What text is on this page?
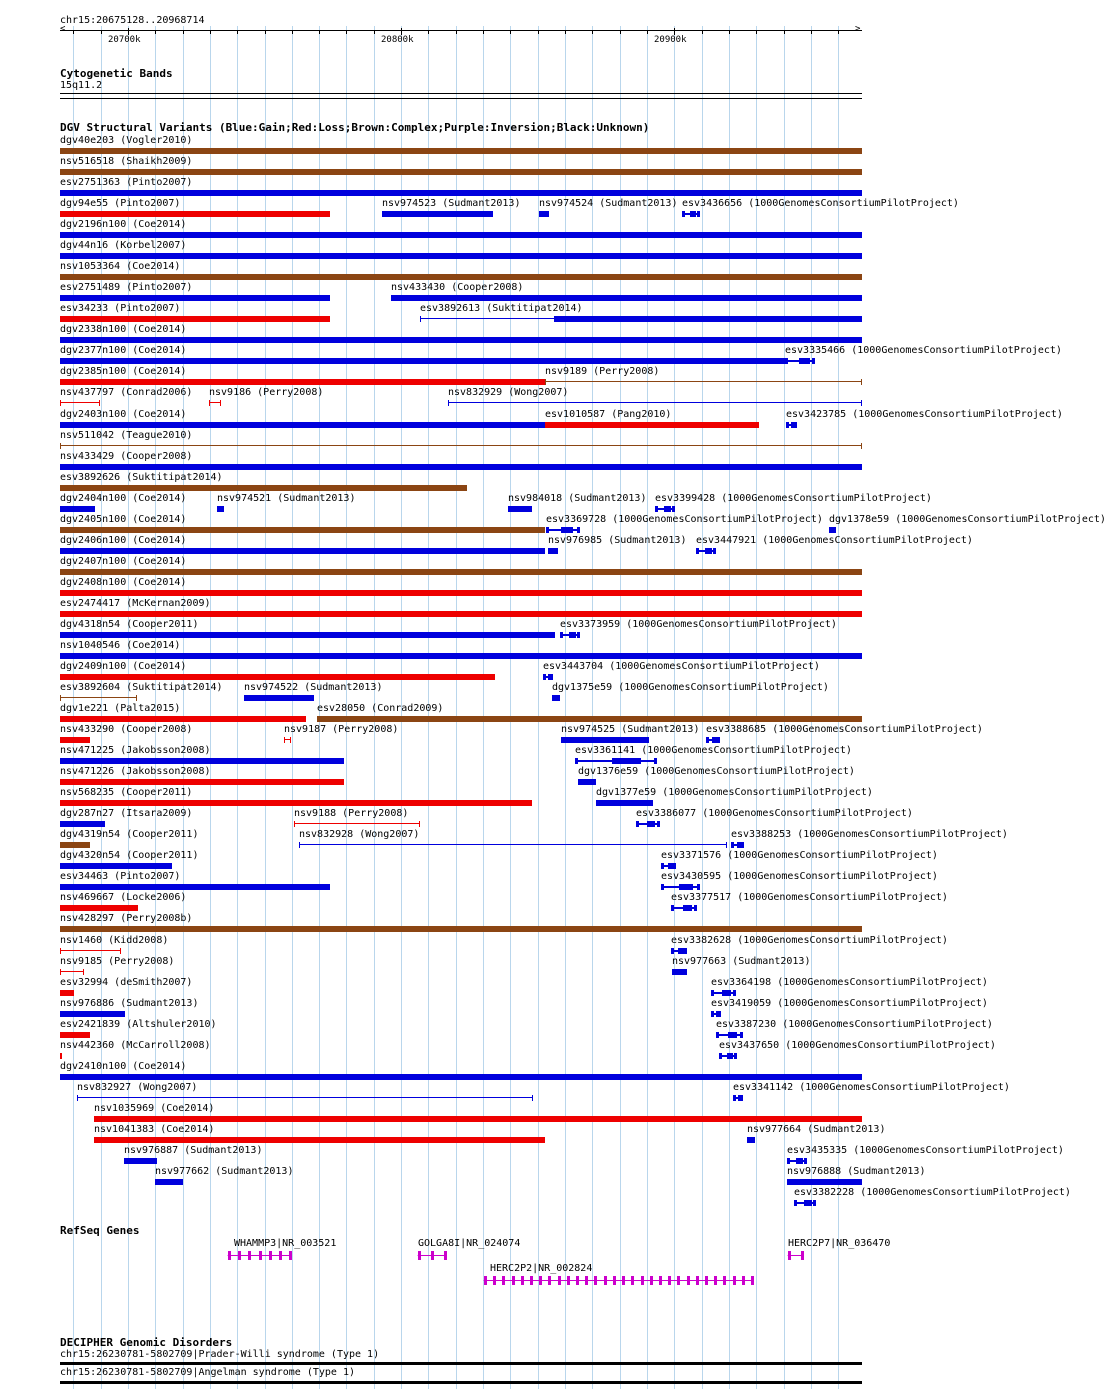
chr15:20675128..20968714
<	>
20700k	20800k	20900k
Cytogenetic Bands
15q11.2
DGV Structural Variants (Blue:Gain;Red:Loss;Brown:Complex;Purple:Inversion;Black:Unknown)
dgv40e203 (Vogler2010)
nsv516518 (Shaikh2009)
esv2751363 (Pinto2007)
dgv94e55 (Pinto2007)	nsv974523 (Sudmant2013) nsv974524 (Sudmant2013) esv3436656 (1000GenomesConsortiumPilotProject)
dgv2196n100 (Coe2014)
dgv44n16 (Korbel2007)
nsv1053364 (Coe2014)
esv2751489 (Pinto2007)	nsv433430 (Cooper2008)
esv34233 (Pinto2007)	esv3892613 (Suktitipat2014)
dgv2338n100 (Coe2014)
dgv2377n100 (Coe2014)	esv3335466 (1000GenomesConsortiumPilotProject)
dgv2385n100 (Coe2014)	nsv9189 (Perry2008)
nsv437797 (Conrad2006) nsv9186 (Perry2008)	nsv832929 (Wong2007)
dgv2403n100 (Coe2014)	esv1010587 (Pang2010)	esv3423785 (1000GenomesConsortiumPilotProject)
nsv511042 (Teague2010)
nsv433429 (Cooper2008)
esv3892626 (Suktitipat2014)
dgv2404n100 (Coe2014)	nsv974521 (Sudmant2013)	nsv984018 (Sudmant2013) esv3399428 (1000GenomesConsortiumPilotProject)
dgv2405n100 (Coe2014)	esv3369728 (1000GenomesConsortiumPilotProject) dgv1378e59 (1000GenomesConsortiumPilotProject)
dgv2406n100 (Coe2014)	nsv976985 (Sudmant2013) esv3447921 (1000GenomesConsortiumPilotProject)
dgv2407n100 (Coe2014)
dgv2408n100 (Coe2014)
esv2474417 (McKernan2009)
dgv4318n54 (Cooper2011)	esv3373959 (1000GenomesConsortiumPilotProject)
nsv1040546 (Coe2014)
dgv2409n100 (Coe2014)	esv3443704 (1000GenomesConsortiumPilotProject)
esv3892604 (Suktitipat2014) nsv974522 (Sudmant2013)	dgv1375e59 (1000GenomesConsortiumPilotProject)
dgv1e221 (Palta2015)	esv28050 (Conrad2009)
nsv433290 (Cooper2008)	nsv9187 (Perry2008)	nsv974525 (Sudmant2013) esv3388685 (1000GenomesConsortiumPilotProject)
nsv471225 (Jakobsson2008)	esv3361141 (1000GenomesConsortiumPilotProject)
nsv471226 (Jakobsson2008)	dgv1376e59 (1000GenomesConsortiumPilotProject)
nsv568235 (Cooper2011)	dgv1377e59 (1000GenomesConsortiumPilotProject)
dgv287n27 (Itsara2009)	nsv9188 (Perry2008)	esv3386077 (1000GenomesConsortiumPilotProject)
dgv4319n54 (Cooper2011)	nsv832928 (Wong2007)	esv3388253 (1000GenomesConsortiumPilotProject)
dgv4320n54 (Cooper2011)	esv3371576 (1000GenomesConsortiumPilotProject)
esv34463 (Pinto2007)	esv3430595 (1000GenomesConsortiumPilotProject)
nsv469667 (Locke2006)	esv3377517 (1000GenomesConsortiumPilotProject)
nsv428297 (Perry2008b)
nsv1460 (Kidd2008)	esv3382628 (1000GenomesConsortiumPilotProject)
nsv9185 (Perry2008)	nsv977663 (Sudmant2013)
esv32994 (deSmith2007)	esv3364198 (1000GenomesConsortiumPilotProject)
nsv976886 (Sudmant2013)	esv3419059 (1000GenomesConsortiumPilotProject)
esv2421839 (Altshuler2010)	esv3387230 (1000GenomesConsortiumPilotProject)
nsv442360 (McCarroll2008)	esv3437650 (1000GenomesConsortiumPilotProject)
dgv2410n100 (Coe2014)
nsv832927 (Wong2007)	esv3341142 (1000GenomesConsortiumPilotProject)
nsv1035969 (Coe2014)
nsv1041383 (Coe2014)	nsv977664 (Sudmant2013)
nsv976887 (Sudmant2013)	esv3435335 (1000GenomesConsortiumPilotProject)
nsv977662 (Sudmant2013)	nsv976888 (Sudmant2013)
esv3382228 (1000GenomesConsortiumPilotProject)
RefSeq Genes
WHAMMP3|NR_003521
‹
GOLGA8I|NR_024074
‹
HERC2P2|NR_002824
‹
HERC2P7|NR_036470
‹
DECIPHER Genomic Disorders
chr15:26230781-5802709|Prader-Willi syndrome (Type 1)
chr15:26230781-5802709|Angelman syndrome (Type 1)
